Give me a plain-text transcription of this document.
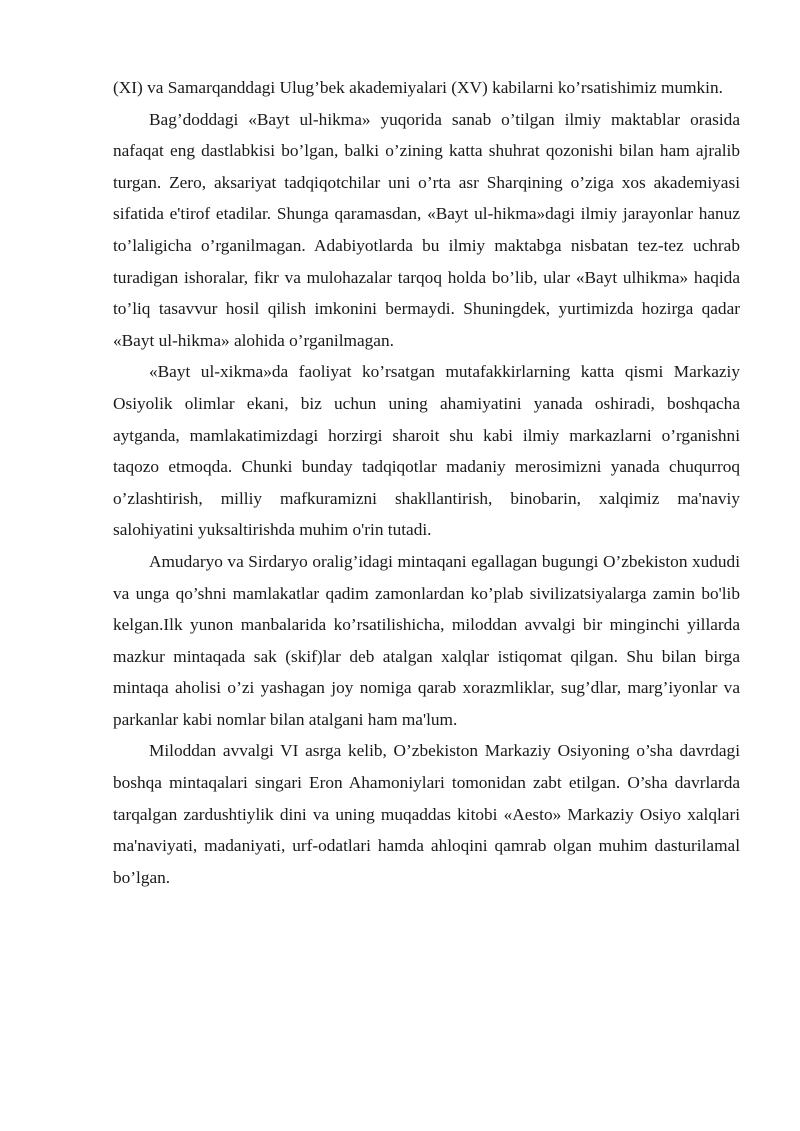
(XI) va Samarqanddagi Ulug’bek akademiyalari (XV) kabilarni ko’rsatishimiz mumkin.

Bag’doddagi «Bayt ul-hikma» yuqorida sanab o’tilgan ilmiy maktablar orasida nafaqat eng dastlabkisi bo’lgan, balki o’zining katta shuhrat qozonishi bilan ham ajralib turgan. Zero, aksariyat tadqiqotchilar uni o’rta asr Sharqining o’ziga xos akademiyasi sifatida e'tirof etadilar. Shunga qaramasdan, «Bayt ul-hikma»dagi ilmiy jarayonlar hanuz to’laligicha o’rganilmagan. Adabiyotlarda bu ilmiy maktabga nisbatan tez-tez uchrab turadigan ishoralar, fikr va mulohazalar tarqoq holda bo’lib, ular «Bayt ulhikma» haqida to’liq tasavvur hosil qilish imkonini bermaydi. Shuningdek, yurtimizda hozirga qadar «Bayt ul-hikma» alohida o’rganilmagan.

«Bayt ul-xikma»da faoliyat ko’rsatgan mutafakkirlarning katta qismi Markaziy Osiyolik olimlar ekani, biz uchun uning ahamiyatini yanada oshiradi, boshqacha aytganda, mamlakatimizdagi horzirgi sharoit shu kabi ilmiy markazlarni o’rganishni taqozo etmoqda. Chunki bunday tadqiqotlar madaniy merosimizni yanada chuqurroq o’zlashtirish, milliy mafkuramizni shakllantirish, binobarin, xalqimiz ma'naviy salohiyatini yuksaltirishda muhim o'rin tutadi.

Amudaryo va Sirdaryo oralig’idagi mintaqani egallagan bugungi O’zbekiston xududi va unga qo’shni mamlakatlar qadim zamonlardan ko’plab sivilizatsiyalarga zamin bo'lib kelgan.Ilk yunon manbalarida ko’rsatilishicha, miloddan avvalgi bir minginchi yillarda mazkur mintaqada sak (skif)lar deb atalgan xalqlar istiqomat qilgan. Shu bilan birga mintaqa aholisi o’zi yashagan joy nomiga qarab xorazmliklar, sug’dlar, marg’iyonlar va parkanlar kabi nomlar bilan atalgani ham ma'lum.

Miloddan avvalgi VI asrga kelib, O’zbekiston Markaziy Osiyoning o’sha davrdagi boshqa mintaqalari singari Eron Ahamoniylari tomonidan zabt etilgan. O’sha davrlarda tarqalgan zardushtiylik dini va uning muqaddas kitobi «Aesto» Markaziy Osiyo xalqlari ma'naviyati, madaniyati, urf-odatlari hamda ahloqini qamrab olgan muhim dasturilamal bo’lgan.
